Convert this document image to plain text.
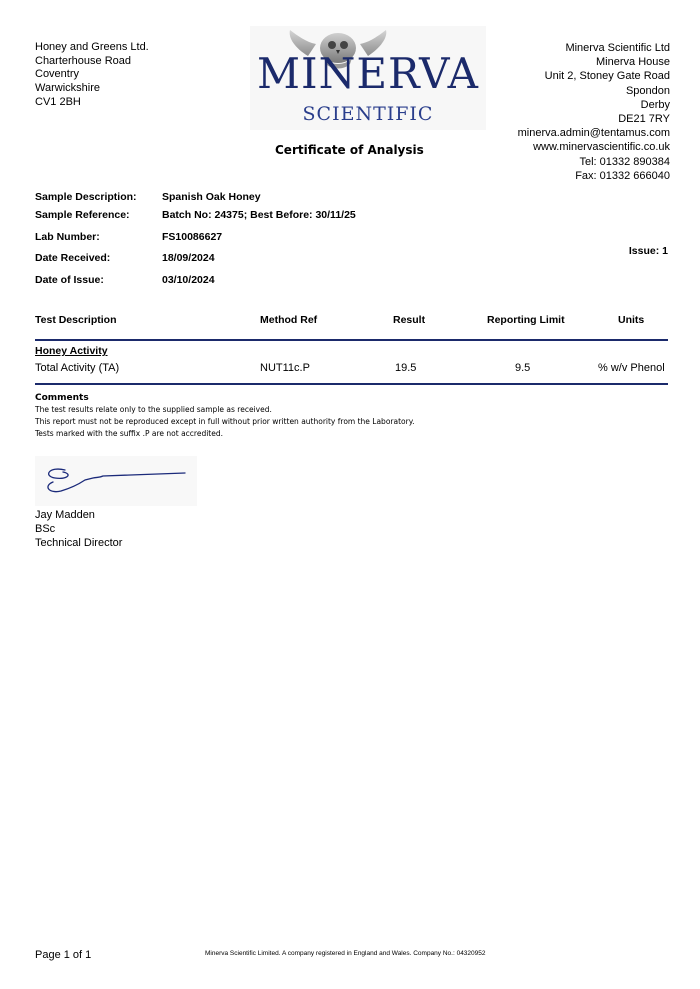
Honey and Greens Ltd.
Charterhouse Road
Coventry
Warwickshire
CV1 2BH
MINERVA
SCIENTIFIC
Minerva Scientific Ltd
Minerva House
Unit 2, Stoney Gate Road
Spondon
Derby
DE21 7RY
minerva.admin@tentamus.com
www.minervascientific.co.uk
Tel: 01332 890384
Fax: 01332 666040
Certificate of Analysis
Sample Description: Spanish Oak Honey
Sample Reference:	Batch No: 24375; Best Before: 30/11/25
Lab Number:	FS10086627
Date Received:	18/09/2024
Date of Issue:	03/10/2024
Issue: 1
Test Description	Method Ref	Result	Reporting Limit	Units
Honey Activity
Total Activity (TA)	NUT11c.P	19.5	9.5	% w/v Phenol
Comments
The test results relate only to the supplied sample as received.
This report must not be reproduced except in full without prior written authority from the Laboratory.
Tests marked with the suffix .P are not accredited.
Jay Madden
BSc
Technical Director
Page 1 of 1	Minerva Scientific Limited. A company registered in England and Wales. Company No.: 04320952
